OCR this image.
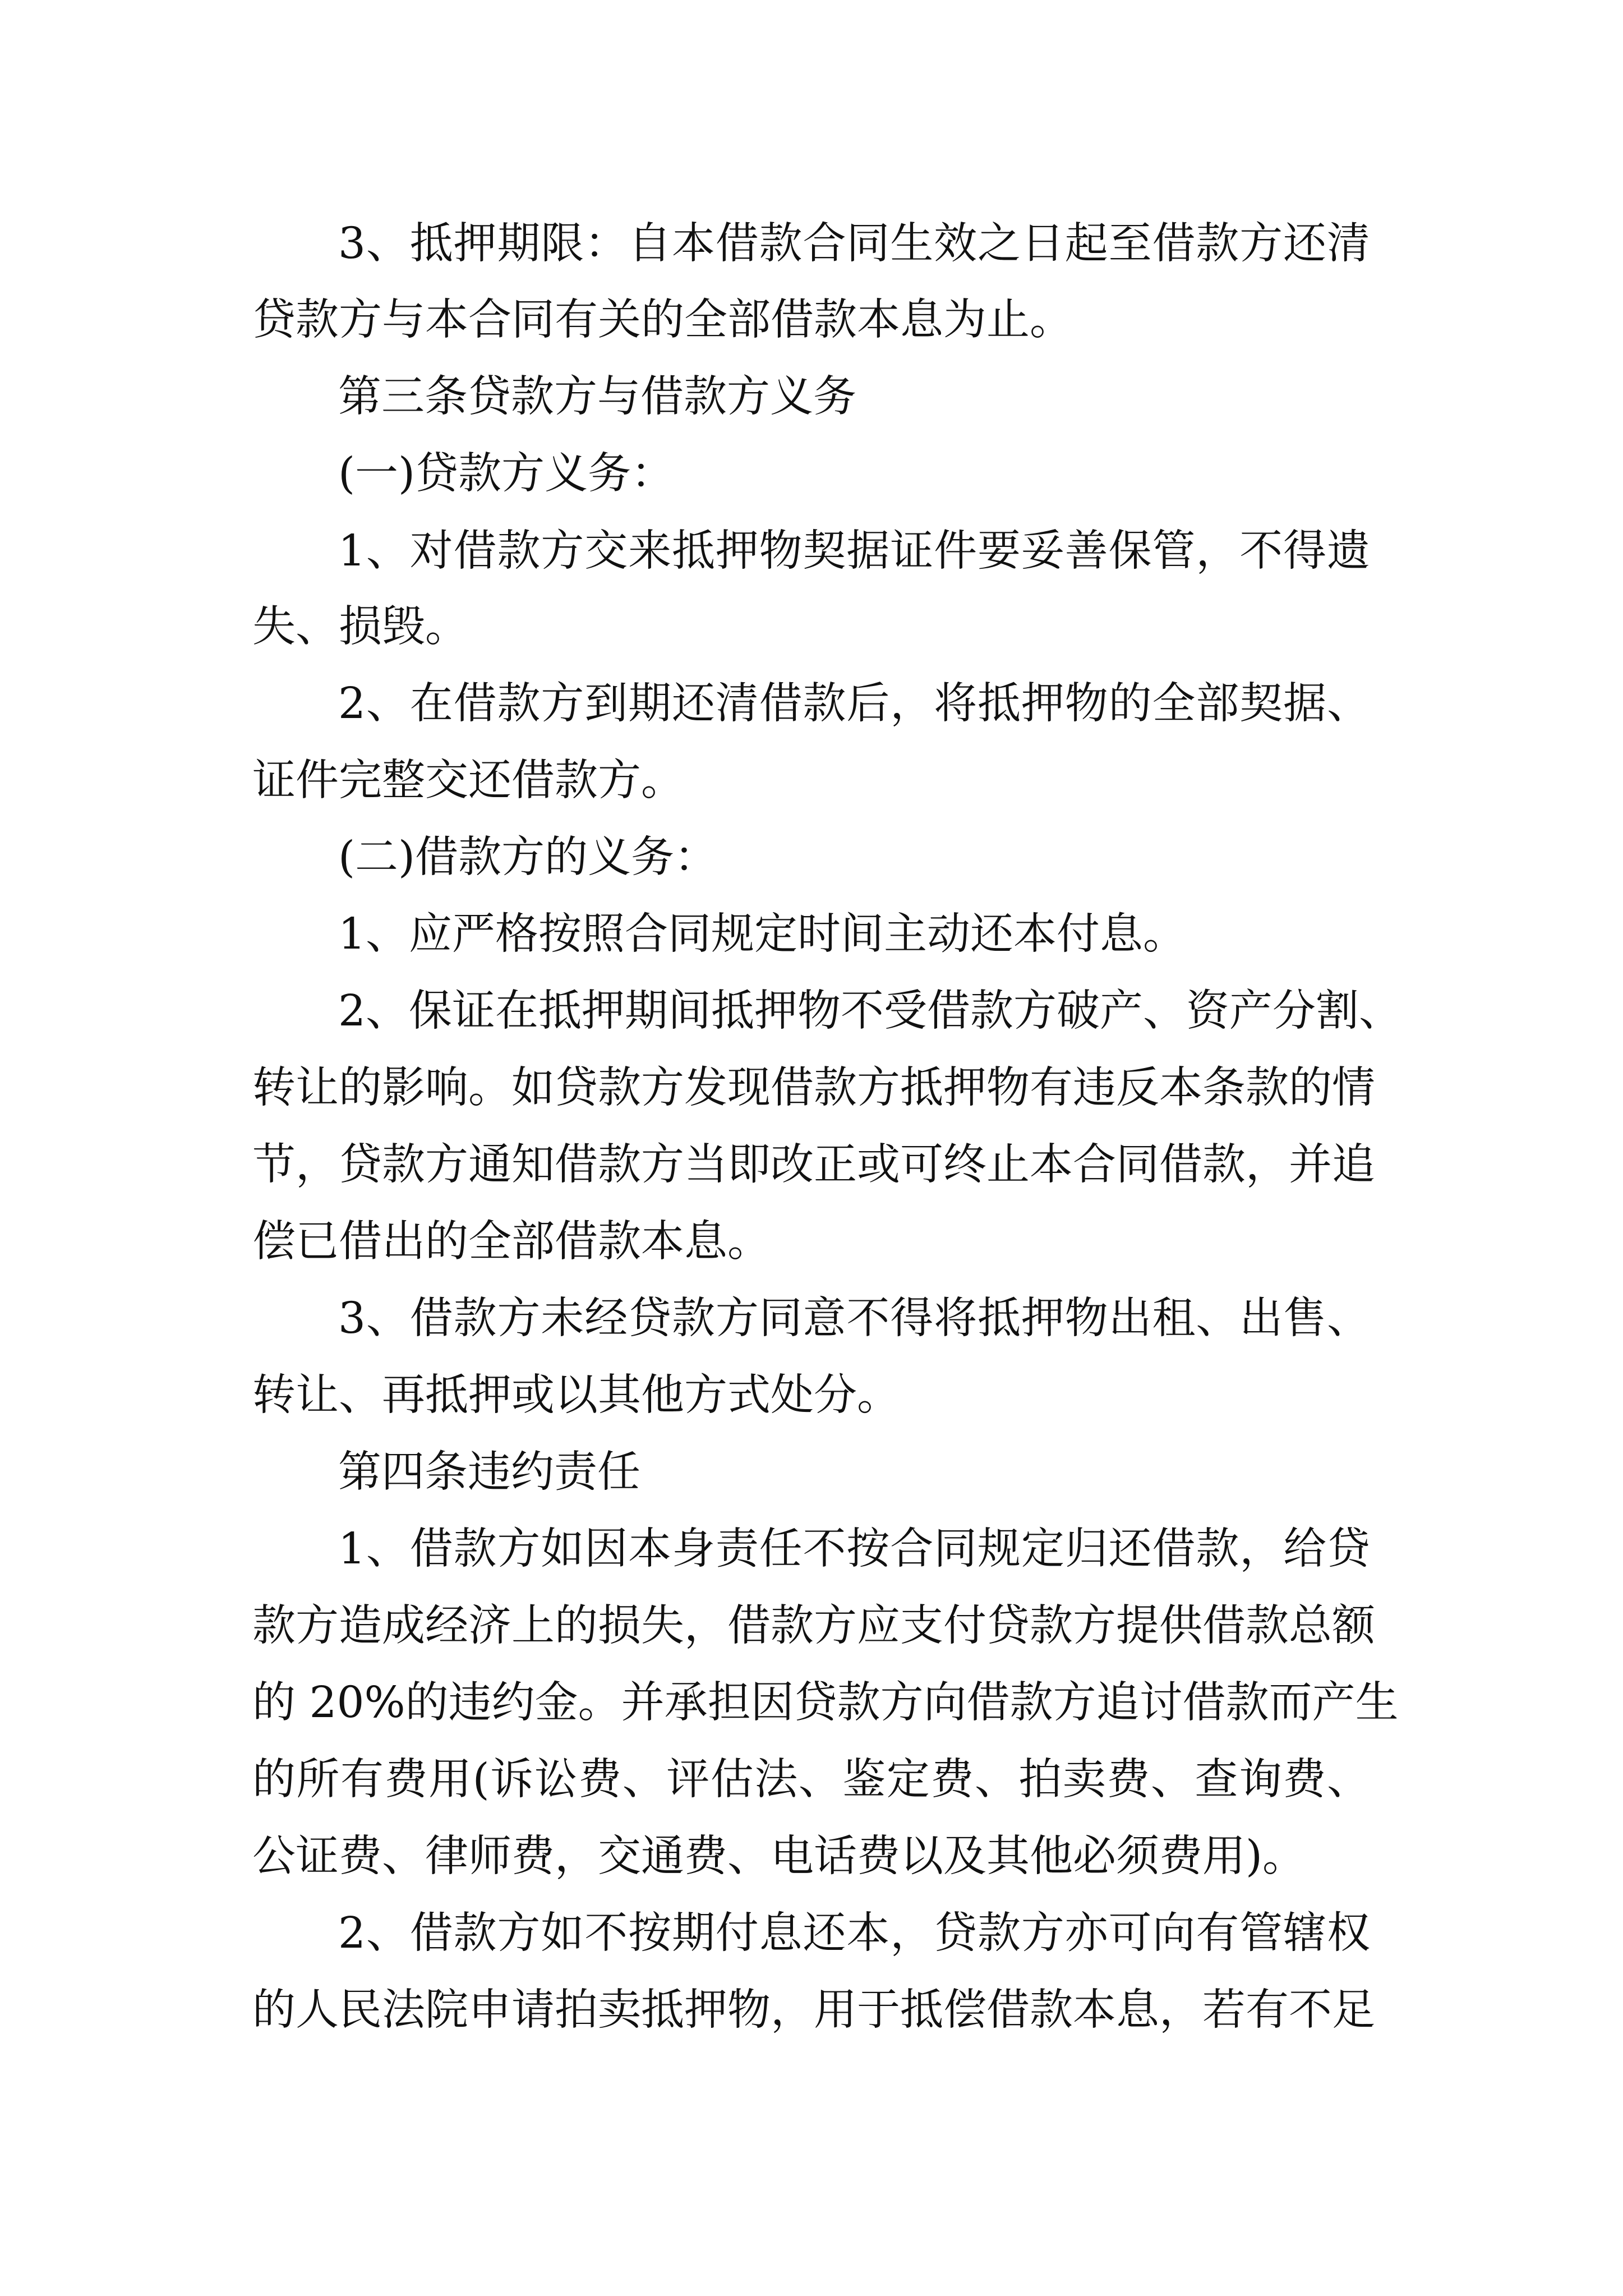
3、抵押期限：自本借款合同生效之日起至借款方还清

贷款方与本合同有关的全部借款本息为止。

第三条贷款方与借款方义务

(一)贷款方义务：

1、对借款方交来抵押物契据证件要妥善保管，不得遗

失、损毁。

2、在借款方到期还清借款后，将抵押物的全部契据、

证件完整交还借款方。

(二)借款方的义务：

1、应严格按照合同规定时间主动还本付息。

2、保证在抵押期间抵押物不受借款方破产、资产分割、

转让的影响。如贷款方发现借款方抵押物有违反本条款的情

节，贷款方通知借款方当即改正或可终止本合同借款，并追

偿已借出的全部借款本息。

3、借款方未经贷款方同意不得将抵押物出租、出售、

转让、再抵押或以其他方式处分。

第四条违约责任

1、借款方如因本身责任不按合同规定归还借款，给贷

款方造成经济上的损失，借款方应支付贷款方提供借款总额

的 20%的违约金。并承担因贷款方向借款方追讨借款而产生

的所有费用(诉讼费、评估法、鉴定费、拍卖费、查询费、

公证费、律师费，交通费、电话费以及其他必须费用)。

2、借款方如不按期付息还本，贷款方亦可向有管辖权

的人民法院申请拍卖抵押物，用于抵偿借款本息，若有不足
